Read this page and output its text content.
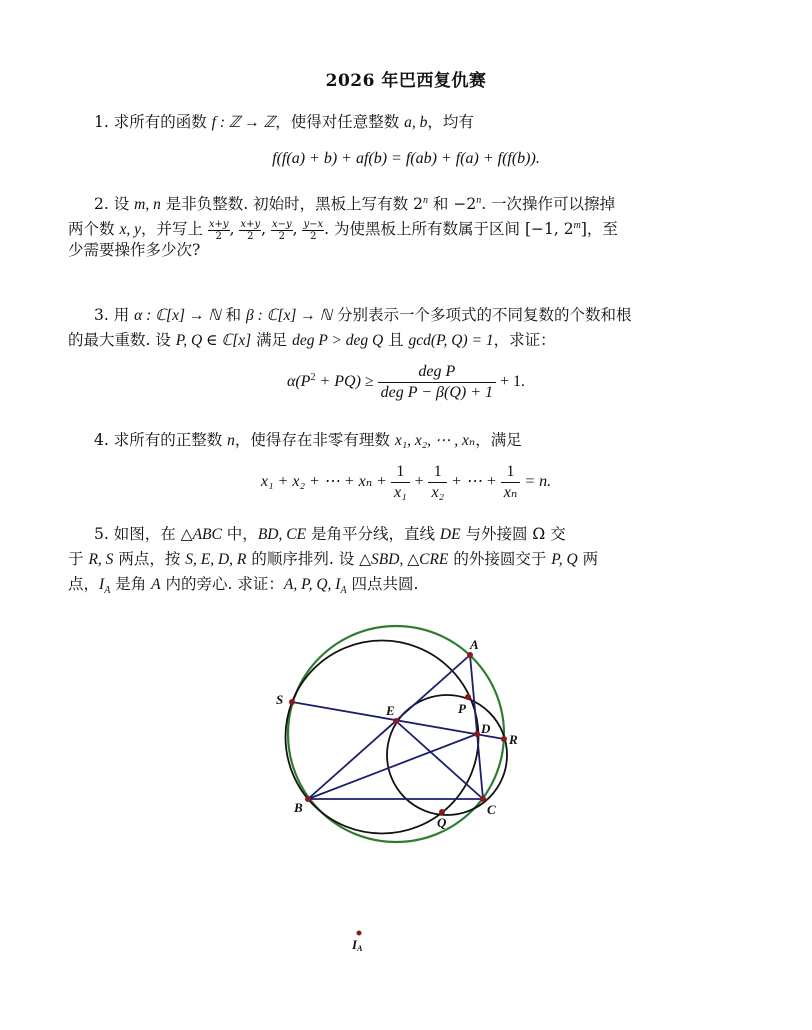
2026 年巴西复仇赛
1. 求所有的函数 f : ℤ → ℤ，使得对任意整数 a, b，均有
f(f(a) + b) + af(b) = f(ab) + f(a) + f(f(b)).
2. 设 m, n 是非负整数. 初始时，黑板上写有数 2$^n$ 和 $-2^n$. 一次操作可以擦掉
两个数 x, y，并写上 $\frac{x+y}{2}$ , $\frac{x+y}{2}$ , $\frac{x-y}{2}$ , $\frac{y-x}{2}$ . 为使黑板上所有数属于区间 [−1, 2$^m$]，至
少需要操作多少次?
3. 用 α : ℂ[x] → ℕ 和 β : ℂ[x] → ℕ 分别表示一个多项式的不同复数的个数和根
的最大重数. 设 P, Q ∈ ℂ[x] 满足 deg P > deg Q 且 gcd(P, Q) = 1，求证：
$\alpha(P^2 + PQ) \ge \frac{\text{deg P}}{\text{deg P − β(Q) + 1}} + 1$.
4. 求所有的正整数 n，使得存在非零有理数 x₁, x₂, ⋯ , xₙ，满足
x₁ + x₂ + ⋯ + $x_n + \frac{1}{\text{x₁}} + \frac{1}{\text{x₂}}$ + ⋯ + $\frac{1}{\text{xₙ}} = n$.
5. 如图，在 △ABC 中，BD, CE 是角平分线，直线 DE 与外接圆 Ω 交
于 R, S 两点，按 S, E, D, R 的顺序排列. 设 △SBD, △CRE 的外接圆交于 P, Q 两
点，$I_A$ 是角 A 内的旁心. 求证：A, P, Q, $I_A$ 四点共圆.
A
B	C
D
E
S
R
P
Q
IA
